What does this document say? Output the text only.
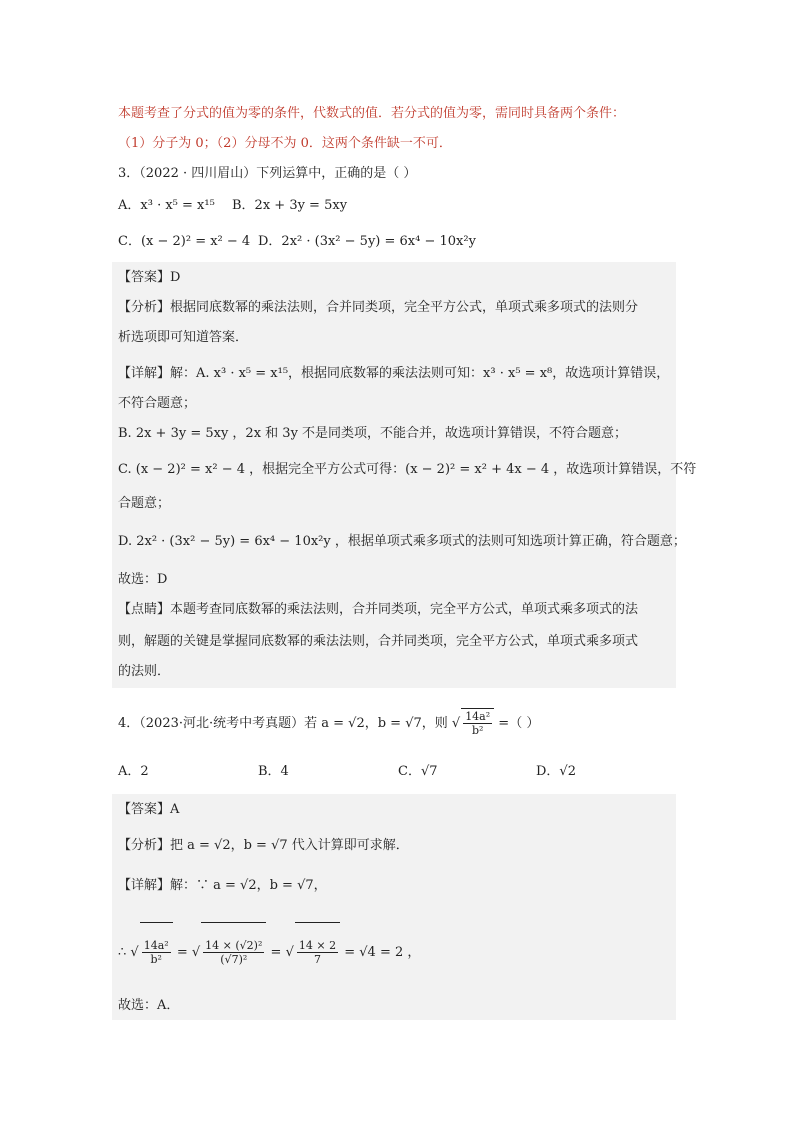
本题考查了分式的值为零的条件，代数式的值．若分式的值为零，需同时具备两个条件：
（1）分子为 0；（2）分母不为 0．这两个条件缺一不可．
3．（2022 · 四川眉山）下列运算中，正确的是（ ）
A．x³ · x⁵ = x¹⁵ B．2x + 3y = 5xy
C．(x − 2)² = x² − 4 D．2x² · (3x² − 5y) = 6x⁴ − 10x²y
【答案】D
【分析】根据同底数幂的乘法法则，合并同类项，完全平方公式，单项式乘多项式的法则分
析选项即可知道答案．
【详解】解：A. x³ · x⁵ = x¹⁵，根据同底数幂的乘法法则可知：x³ · x⁵ = x⁸，故选项计算错误，
不符合题意；
B. 2x + 3y = 5xy ，2x 和 3y 不是同类项，不能合并，故选项计算错误，不符合题意；
C. (x − 2)² = x² − 4 ，根据完全平方公式可得：(x − 2)² = x² + 4x − 4 ，故选项计算错误，不符
合题意；
D. 2x² · (3x² − 5y) = 6x⁴ − 10x²y ，根据单项式乘多项式的法则可知选项计算正确，符合题意；
故选：D
【点睛】本题考查同底数幂的乘法法则，合并同类项，完全平方公式，单项式乘多项式的法
则，解题的关键是掌握同底数幂的乘法法则，合并同类项，完全平方公式，单项式乘多项式
的法则．
4．（2023·河北·统考中考真题）若 a = √2，b = √7，则 √ $\frac{\text{14a²}}{\text{b²}}$ =（ ）
A．2	B．4	C．√7	D．√2
【答案】A
【分析】把 a = √2，b = √7 代入计算即可求解．
【详解】解：∵ a = √2，b = √7，
∴ √ $\frac{\text{14a²}}{\text{b²}}$ = √ $\frac{\text{14 × (√2)²}}{\text{(√7)²}}$ = √ $\frac{14 \times 2}{7} = √4 = 2$ ，
故选：A．
